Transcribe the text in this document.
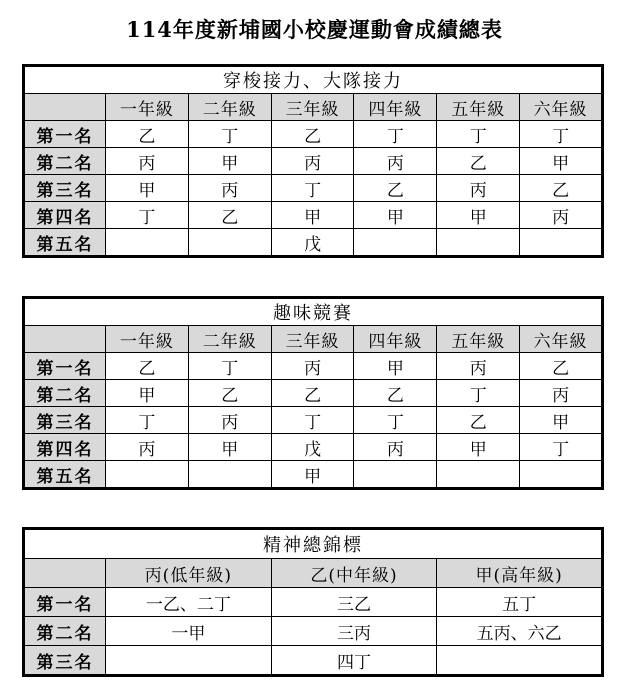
114年度新埔國小校慶運動會成績總表
穿梭接力、大隊接力						
	一年級	二年級	三年級	四年級	五年級	六年級
第一名	乙	丁	乙	丁	丁	丁
第二名	丙	甲	丙	丙	乙	甲
第三名	甲	丙	丁	乙	丙	乙
第四名	丁	乙	甲	甲	甲	丙
第五名			戊			
趣味競賽						
	一年級	二年級	三年級	四年級	五年級	六年級
第一名	乙	丁	丙	甲	丙	乙
第二名	甲	乙	乙	乙	丁	丙
第三名	丁	丙	丁	丁	乙	甲
第四名	丙	甲	戊	丙	甲	丁
第五名			甲			
精神總錦標			
	丙(低年級)	乙(中年級)	甲(高年級)
第一名	一乙、二丁	三乙	五丁
第二名	一甲	三丙	五丙、六乙
第三名		四丁	
